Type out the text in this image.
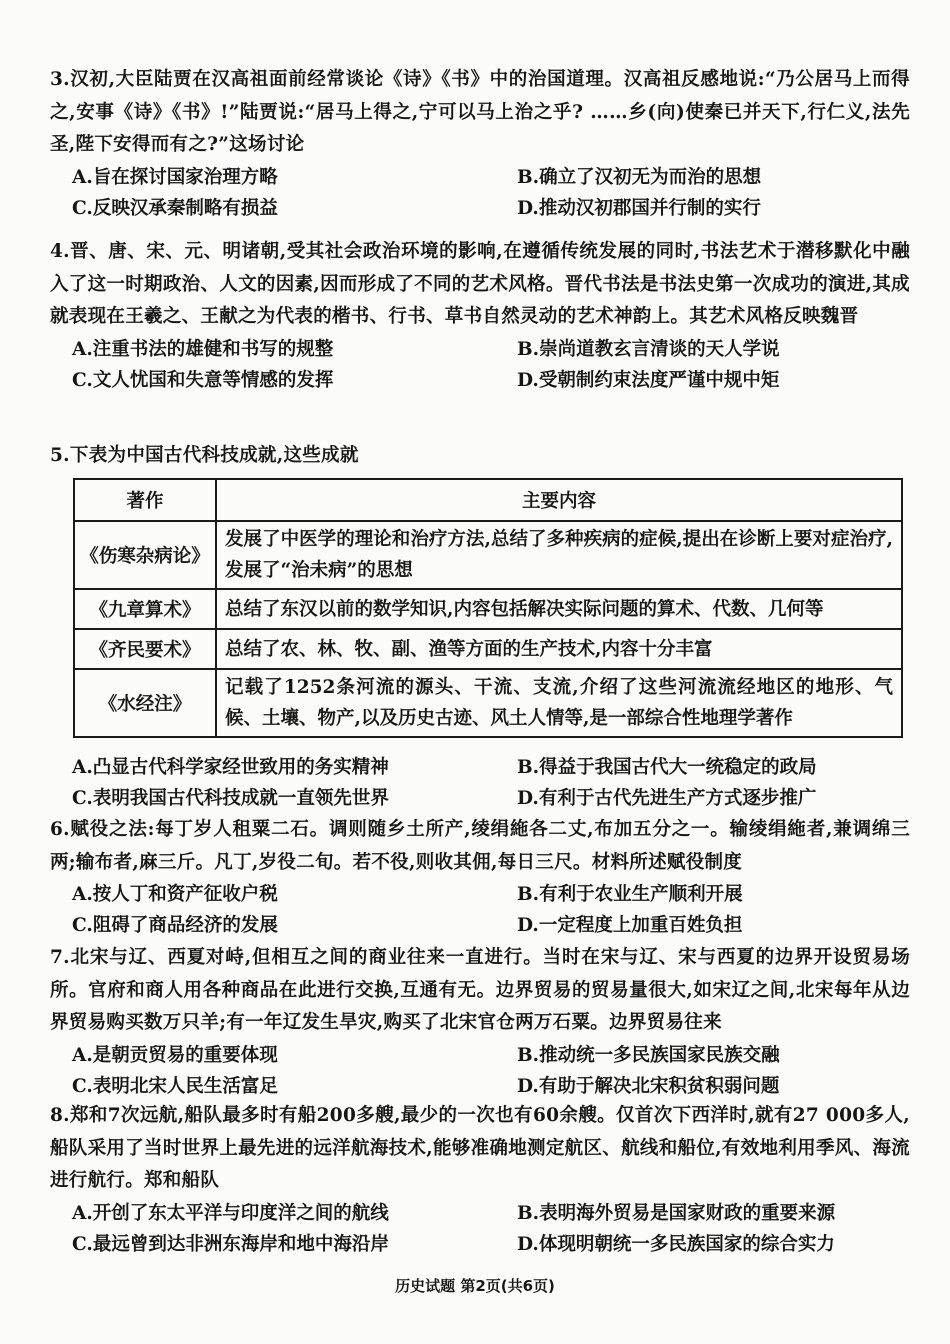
3.汉初,大臣陆贾在汉高祖面前经常谈论《诗》《书》中的治国道理。汉高祖反感地说:“乃公居马上而得之,安事《诗》《书》!”陆贾说:“居马上得之,宁可以马上治之乎? ……乡(向)使秦已并天下,行仁义,法先圣,陛下安得而有之?”这场讨论

A.旨在探讨国家治理方略	B.确立了汉初无为而治的思想
C.反映汉承秦制略有损益	D.推动汉初郡国并行制的实行

4.晋、唐、宋、元、明诸朝,受其社会政治环境的影响,在遵循传统发展的同时,书法艺术于潜移默化中融入了这一时期政治、人文的因素,因而形成了不同的艺术风格。晋代书法是书法史第一次成功的演进,其成就表现在王羲之、王献之为代表的楷书、行书、草书自然灵动的艺术神韵上。其艺术风格反映魏晋

A.注重书法的雄健和书写的规整	B.崇尚道教玄言清谈的天人学说
C.文人忧国和失意等情感的发挥	D.受朝制约束法度严谨中规中矩

5.下表为中国古代科技成就,这些成就

著作	主要内容
《伤寒杂病论》	发展了中医学的理论和治疗方法,总结了多种疾病的症候,提出在诊断上要对症治疗,发展了“治未病”的思想
《九章算术》	总结了东汉以前的数学知识,内容包括解决实际问题的算术、代数、几何等
《齐民要术》	总结了农、林、牧、副、渔等方面的生产技术,内容十分丰富
《水经注》	记载了1252条河流的源头、干流、支流,介绍了这些河流流经地区的地形、气候、土壤、物产,以及历史古迹、风土人情等,是一部综合性地理学著作
A.凸显古代科学家经世致用的务实精神	B.得益于我国古代大一统稳定的政局
C.表明我国古代科技成就一直领先世界	D.有利于古代先进生产方式逐步推广

6.赋役之法:每丁岁人租粟二石。调则随乡土所产,绫绢絁各二丈,布加五分之一。输绫绢絁者,兼调绵三两;输布者,麻三斤。凡丁,岁役二旬。若不役,则收其佣,每日三尺。材料所述赋役制度

A.按人丁和资产征收户税	B.有利于农业生产顺利开展
C.阻碍了商品经济的发展	D.一定程度上加重百姓负担

7.北宋与辽、西夏对峙,但相互之间的商业往来一直进行。当时在宋与辽、宋与西夏的边界开设贸易场所。官府和商人用各种商品在此进行交换,互通有无。边界贸易的贸易量很大,如宋辽之间,北宋每年从边界贸易购买数万只羊;有一年辽发生旱灾,购买了北宋官仓两万石粟。边界贸易往来

A.是朝贡贸易的重要体现	B.推动统一多民族国家民族交融
C.表明北宋人民生活富足	D.有助于解决北宋积贫积弱问题

8.郑和7次远航,船队最多时有船200多艘,最少的一次也有60余艘。仅首次下西洋时,就有27 000多人,船队采用了当时世界上最先进的远洋航海技术,能够准确地测定航区、航线和船位,有效地利用季风、海流进行航行。郑和船队

A.开创了东太平洋与印度洋之间的航线	B.表明海外贸易是国家财政的重要来源
C.最远曾到达非洲东海岸和地中海沿岸	D.体现明朝统一多民族国家的综合实力
历史试题 第2页(共6页)
